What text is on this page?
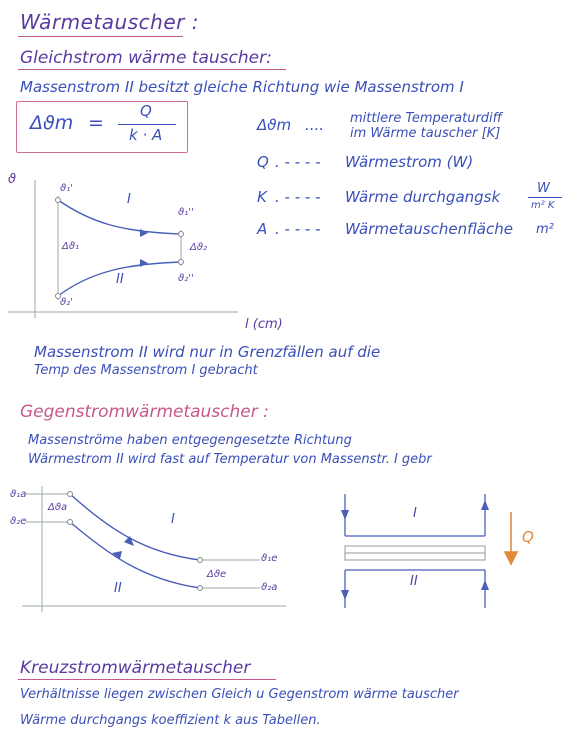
Wärmetauscher :
Gleichstrom wärme tauscher:
Massenstrom II besitzt gleiche Richtung wie Massenstrom I
Δϑm =
Q
k · A
Δϑm .... mittlere Temperaturdiff
im Wärme tauscher [K]
Q . - - - - Wärmestrom (W)
K . - - - - Wärme durchgangsk	W
m² K
A . - - - - Wärmetauschenfläche m²
ϑ
l (cm)
ϑ₁'
ϑ₁''
ϑ₂'
ϑ₂''
Δϑ₁	Δϑ₂
I
II
Massenstrom II wird nur in Grenzfällen auf die
Temp des Massenstrom I gebracht
Gegenstromwärmetauscher :
Massenströme haben entgegengesetzte Richtung
Wärmestrom II wird fast auf Temperatur von Massenstr. I gebr
ϑ₁a
ϑ₂e
ϑ₁e
ϑ₂a
Δϑa
Δϑe
I
II
I
II
Q
Kreuzstromwärmetauscher
Verhältnisse liegen zwischen Gleich u Gegenstrom wärme tauscher
Wärme durchgangs koeffizient k aus Tabellen.
